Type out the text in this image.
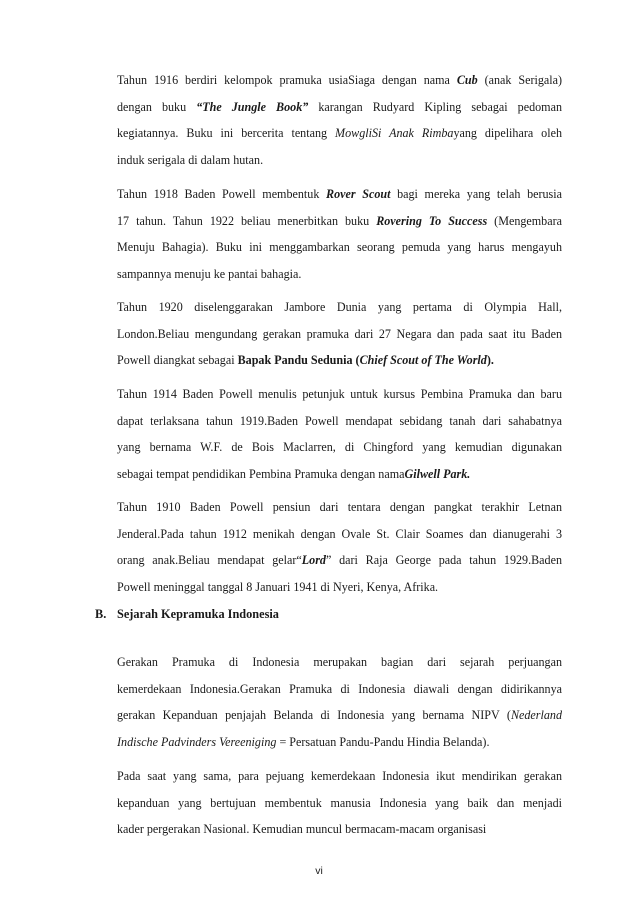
Tahun 1916 berdiri kelompok pramuka usiaSiaga dengan nama Cub (anak Serigala)
dengan buku “The Jungle Book” karangan Rudyard Kipling sebagai pedoman
kegiatannya. Buku ini bercerita tentang MowgliSi Anak Rimbayang dipelihara oleh
induk serigala di dalam hutan.
Tahun 1918 Baden Powell membentuk Rover Scout bagi mereka yang telah berusia
17 tahun. Tahun 1922 beliau menerbitkan buku Rovering To Success (Mengembara
Menuju Bahagia). Buku ini menggambarkan seorang pemuda yang harus mengayuh
sampannya menuju ke pantai bahagia.
Tahun 1920 diselenggarakan Jambore Dunia yang pertama di Olympia Hall,
London.Beliau mengundang gerakan pramuka dari 27 Negara dan pada saat itu Baden
Powell diangkat sebagai Bapak Pandu Sedunia (Chief Scout of The World).
Tahun 1914 Baden Powell menulis petunjuk untuk kursus Pembina Pramuka dan baru
dapat terlaksana tahun 1919.Baden Powell mendapat sebidang tanah dari sahabatnya
yang bernama W.F. de Bois Maclarren, di Chingford yang kemudian digunakan
sebagai tempat pendidikan Pembina Pramuka dengan namaGilwell Park.
Tahun 1910 Baden Powell pensiun dari tentara dengan pangkat terakhir Letnan
Jenderal.Pada tahun 1912 menikah dengan Ovale St. Clair Soames dan dianugerahi 3
orang anak.Beliau mendapat gelar“Lord” dari Raja George pada tahun 1929.Baden
Powell meninggal tanggal 8 Januari 1941 di Nyeri, Kenya, Afrika.
B. Sejarah Kepramuka Indonesia
Gerakan Pramuka di Indonesia merupakan bagian dari sejarah perjuangan
kemerdekaan Indonesia.Gerakan Pramuka di Indonesia diawali dengan didirikannya
gerakan Kepanduan penjajah Belanda di Indonesia yang bernama NIPV (Nederland
Indische Padvinders Vereeniging = Persatuan Pandu-Pandu Hindia Belanda).
Pada saat yang sama, para pejuang kemerdekaan Indonesia ikut mendirikan gerakan
kepanduan yang bertujuan membentuk manusia Indonesia yang baik dan menjadi
kader pergerakan Nasional. Kemudian muncul bermacam-macam organisasi
vi
